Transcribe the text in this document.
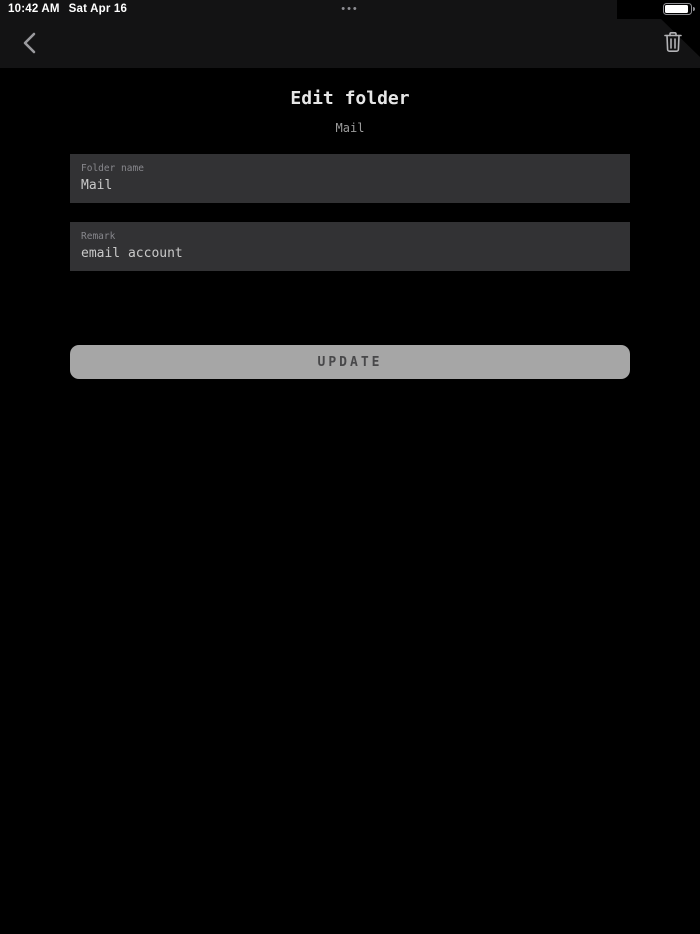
10:42 AM Sat Apr 16	•••
Edit folder
Mail
Folder name
Mail
Remark
email account
UPDATE
